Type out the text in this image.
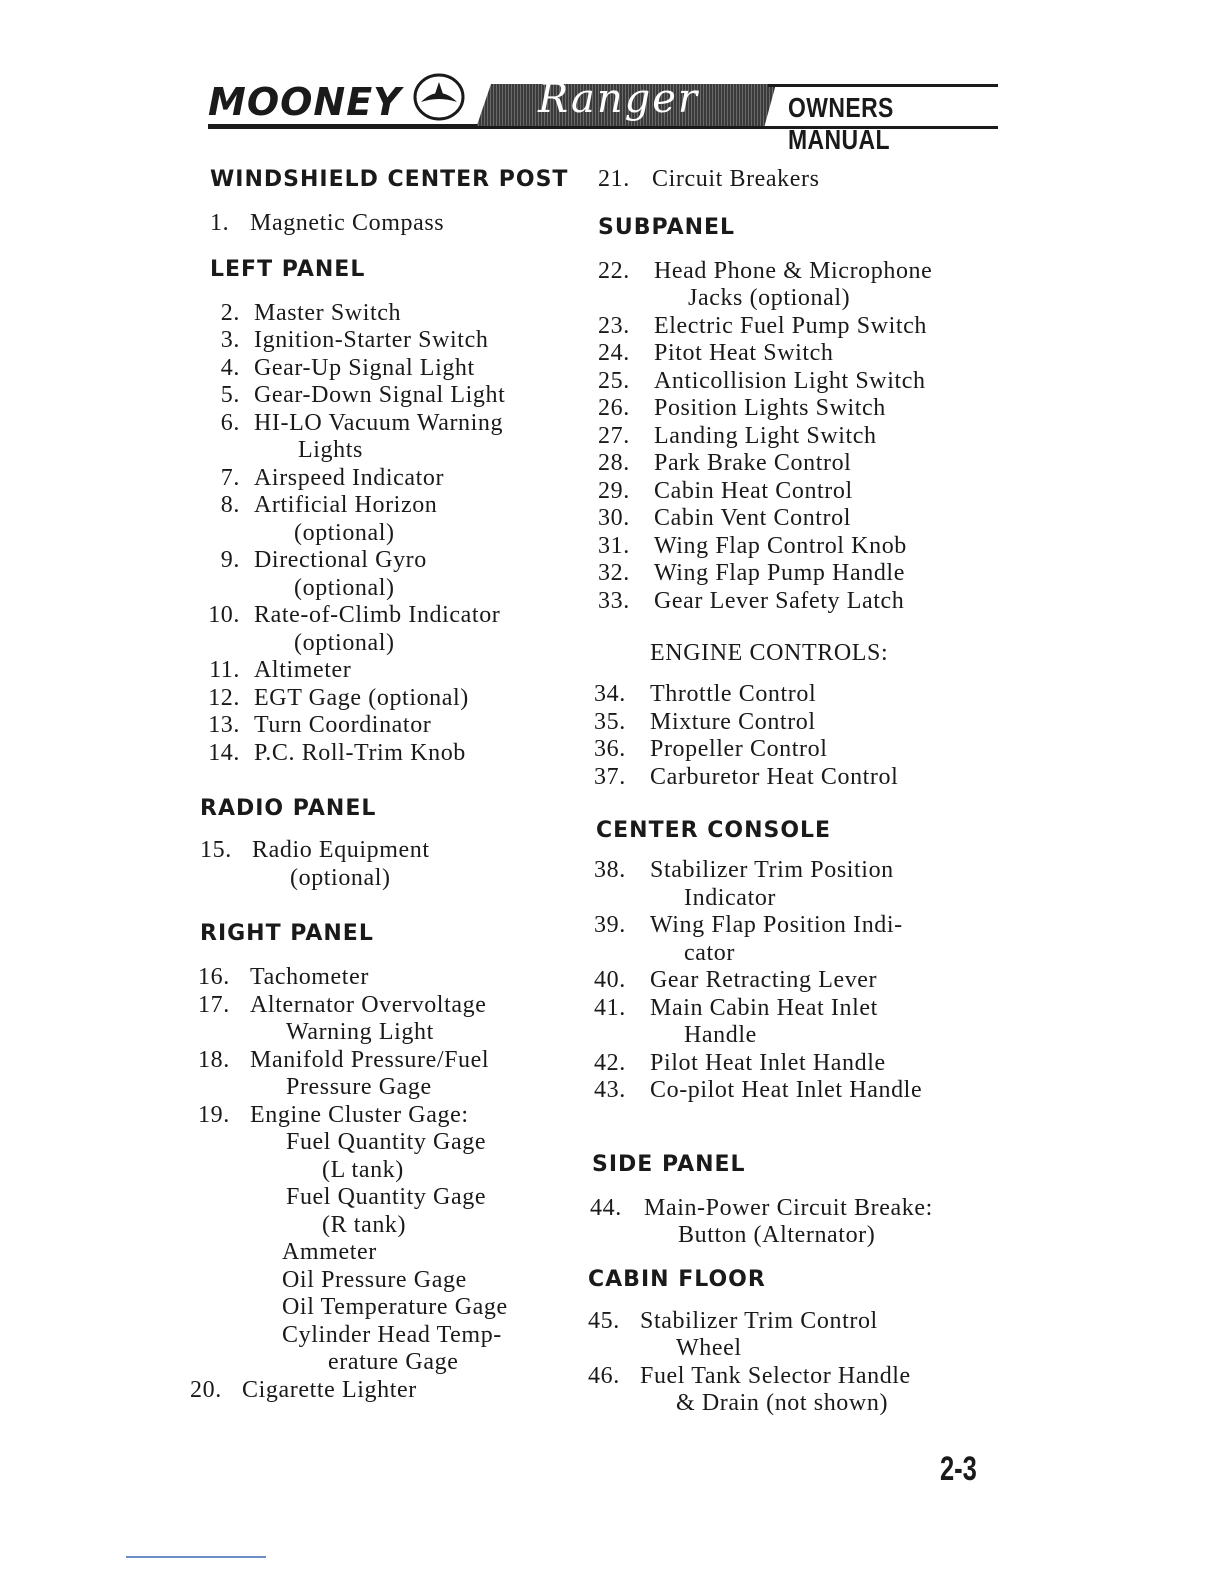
MOONEY	Ranger	OWNERS MANUAL
WINDSHIELD CENTER POST
1. Magnetic Compass
LEFT PANEL
2. Master Switch
3. Ignition-Starter Switch
4. Gear-Up Signal Light
5. Gear-Down Signal Light
6. HI-LO Vacuum Warning
Lights
7. Airspeed Indicator
8. Artificial Horizon
(optional)
9. Directional Gyro
(optional)
10. Rate-of-Climb Indicator
(optional)
11. Altimeter
12. EGT Gage (optional)
13. Turn Coordinator
14. P.C. Roll-Trim Knob
RADIO PANEL
15. Radio Equipment
(optional)
RIGHT PANEL
16. Tachometer
17. Alternator Overvoltage
Warning Light
18. Manifold Pressure/Fuel
Pressure Gage
19. Engine Cluster Gage:
Fuel Quantity Gage
(L tank)
Fuel Quantity Gage
(R tank)
Ammeter
Oil Pressure Gage
Oil Temperature Gage
Cylinder Head Temp-
erature Gage
20. Cigarette Lighter
21. Circuit Breakers
SUBPANEL
22. Head Phone & Microphone
Jacks (optional)
23. Electric Fuel Pump Switch
24. Pitot Heat Switch
25. Anticollision Light Switch
26. Position Lights Switch
27. Landing Light Switch
28. Park Brake Control
29. Cabin Heat Control
30. Cabin Vent Control
31. Wing Flap Control Knob
32. Wing Flap Pump Handle
33. Gear Lever Safety Latch
ENGINE CONTROLS:
34. Throttle Control
35. Mixture Control
36. Propeller Control
37. Carburetor Heat Control
CENTER CONSOLE
38. Stabilizer Trim Position
Indicator
39. Wing Flap Position Indi-
cator
40. Gear Retracting Lever
41. Main Cabin Heat Inlet
Handle
42. Pilot Heat Inlet Handle
43. Co-pilot Heat Inlet Handle
SIDE PANEL
44. Main-Power Circuit Breake:
Button (Alternator)
CABIN FLOOR
45. Stabilizer Trim Control
Wheel
46. Fuel Tank Selector Handle
& Drain (not shown)
2-3
